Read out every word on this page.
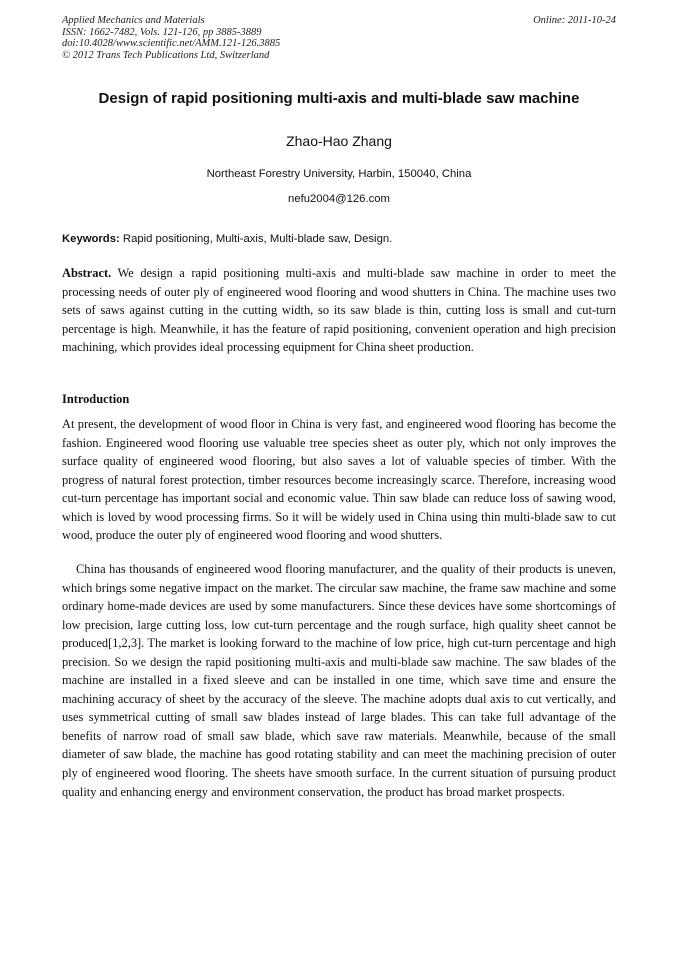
Applied Mechanics and Materials
ISSN: 1662-7482, Vols. 121-126, pp 3885-3889
doi:10.4028/www.scientific.net/AMM.121-126.3885
© 2012 Trans Tech Publications Ltd, Switzerland
Online: 2011-10-24
Design of rapid positioning multi-axis and multi-blade saw machine
Zhao-Hao Zhang
Northeast Forestry University, Harbin, 150040, China
nefu2004@126.com
Keywords: Rapid positioning, Multi-axis, Multi-blade saw, Design.
Abstract. We design a rapid positioning multi-axis and multi-blade saw machine in order to meet the processing needs of outer ply of engineered wood flooring and wood shutters in China. The machine uses two sets of saws against cutting in the cutting width, so its saw blade is thin, cutting loss is small and cut-turn percentage is high. Meanwhile, it has the feature of rapid positioning, convenient operation and high precision machining, which provides ideal processing equipment for China sheet production.
Introduction
At present, the development of wood floor in China is very fast, and engineered wood flooring has become the fashion. Engineered wood flooring use valuable tree species sheet as outer ply, which not only improves the surface quality of engineered wood flooring, but also saves a lot of valuable species of timber. With the progress of natural forest protection, timber resources become increasingly scarce. Therefore, increasing wood cut-turn percentage has important social and economic value. Thin saw blade can reduce loss of sawing wood, which is loved by wood processing firms. So it will be widely used in China using thin multi-blade saw to cut wood, produce the outer ply of engineered wood flooring and wood shutters.
China has thousands of engineered wood flooring manufacturer, and the quality of their products is uneven, which brings some negative impact on the market. The circular saw machine, the frame saw machine and some ordinary home-made devices are used by some manufacturers. Since these devices have some shortcomings of low precision, large cutting loss, low cut-turn percentage and the rough surface, high quality sheet cannot be produced[1,2,3]. The market is looking forward to the machine of low price, high cut-turn percentage and high precision. So we design the rapid positioning multi-axis and multi-blade saw machine. The saw blades of the machine are installed in a fixed sleeve and can be installed in one time, which save time and ensure the machining accuracy of sheet by the accuracy of the sleeve. The machine adopts dual axis to cut vertically, and uses symmetrical cutting of small saw blades instead of large blades. This can take full advantage of the benefits of narrow road of small saw blade, which save raw materials. Meanwhile, because of the small diameter of saw blade, the machine has good rotating stability and can meet the machining precision of outer ply of engineered wood flooring. The sheets have smooth surface. In the current situation of pursuing product quality and enhancing energy and environment conservation, the product has broad market prospects.
